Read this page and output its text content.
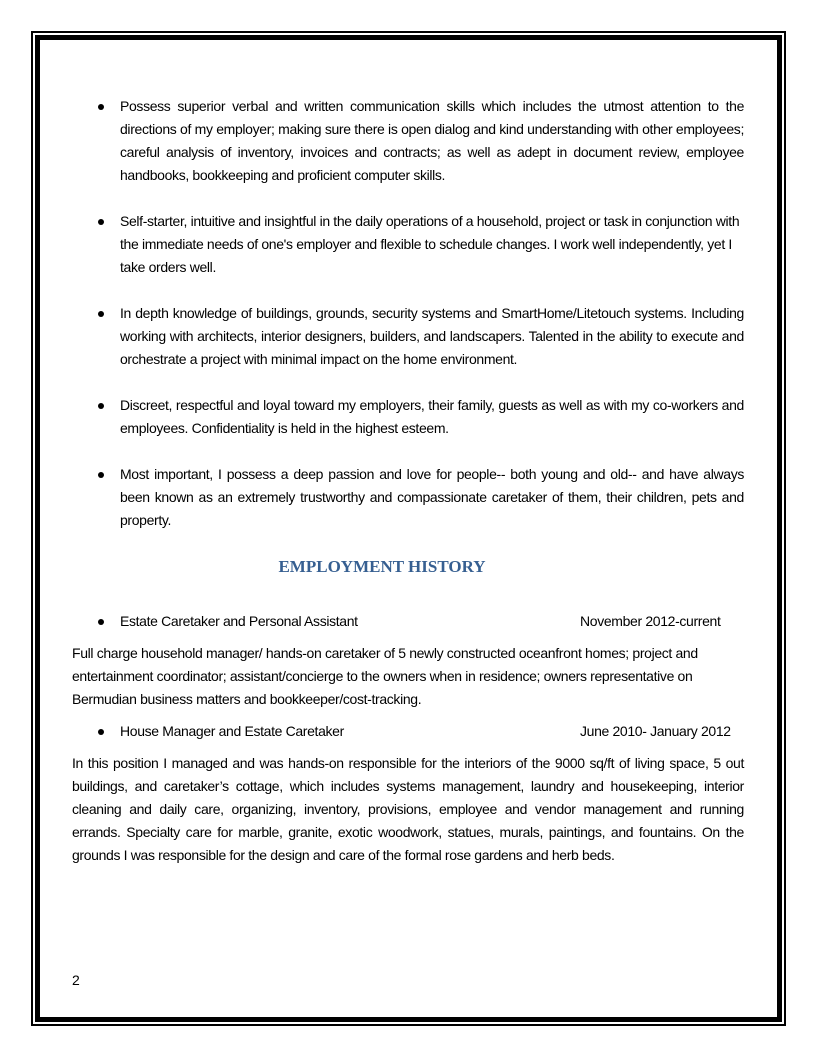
Possess superior verbal and written communication skills which includes the utmost attention to the directions of my employer; making sure there is open dialog and kind understanding with other employees; careful analysis of inventory, invoices and contracts; as well as adept in document review, employee handbooks, bookkeeping and proficient computer skills.
Self-starter, intuitive and insightful in the daily operations of a household, project or task in conjunction with the immediate needs of one's employer and flexible to schedule changes. I work well independently, yet I take orders well.
In depth knowledge of buildings, grounds, security systems and SmartHome/Litetouch systems. Including working with architects, interior designers, builders, and landscapers. Talented in the ability to execute and orchestrate a project with minimal impact on the home environment.
Discreet, respectful and loyal toward my employers, their family, guests as well as with my co-workers and employees. Confidentiality is held in the highest esteem.
Most important, I possess a deep passion and love for people-- both young and old-- and have always been known as an extremely trustworthy and compassionate caretaker of them, their children, pets and property.
EMPLOYMENT HISTORY
Estate Caretaker and Personal Assistant	November 2012-current
Full charge household manager/ hands-on caretaker of 5 newly constructed oceanfront homes; project and entertainment coordinator; assistant/concierge to the owners when in residence; owners representative on Bermudian business matters and bookkeeper/cost-tracking.
House Manager and Estate Caretaker	June 2010- January 2012
In this position I managed and was hands-on responsible for the interiors of the 9000 sq/ft of living space, 5 out buildings, and caretaker’s cottage, which includes systems management, laundry and housekeeping, interior cleaning and daily care, organizing, inventory, provisions, employee and vendor management and running errands. Specialty care for marble, granite, exotic woodwork, statues, murals, paintings, and fountains. On the grounds I was responsible for the design and care of the formal rose gardens and herb beds.
2
